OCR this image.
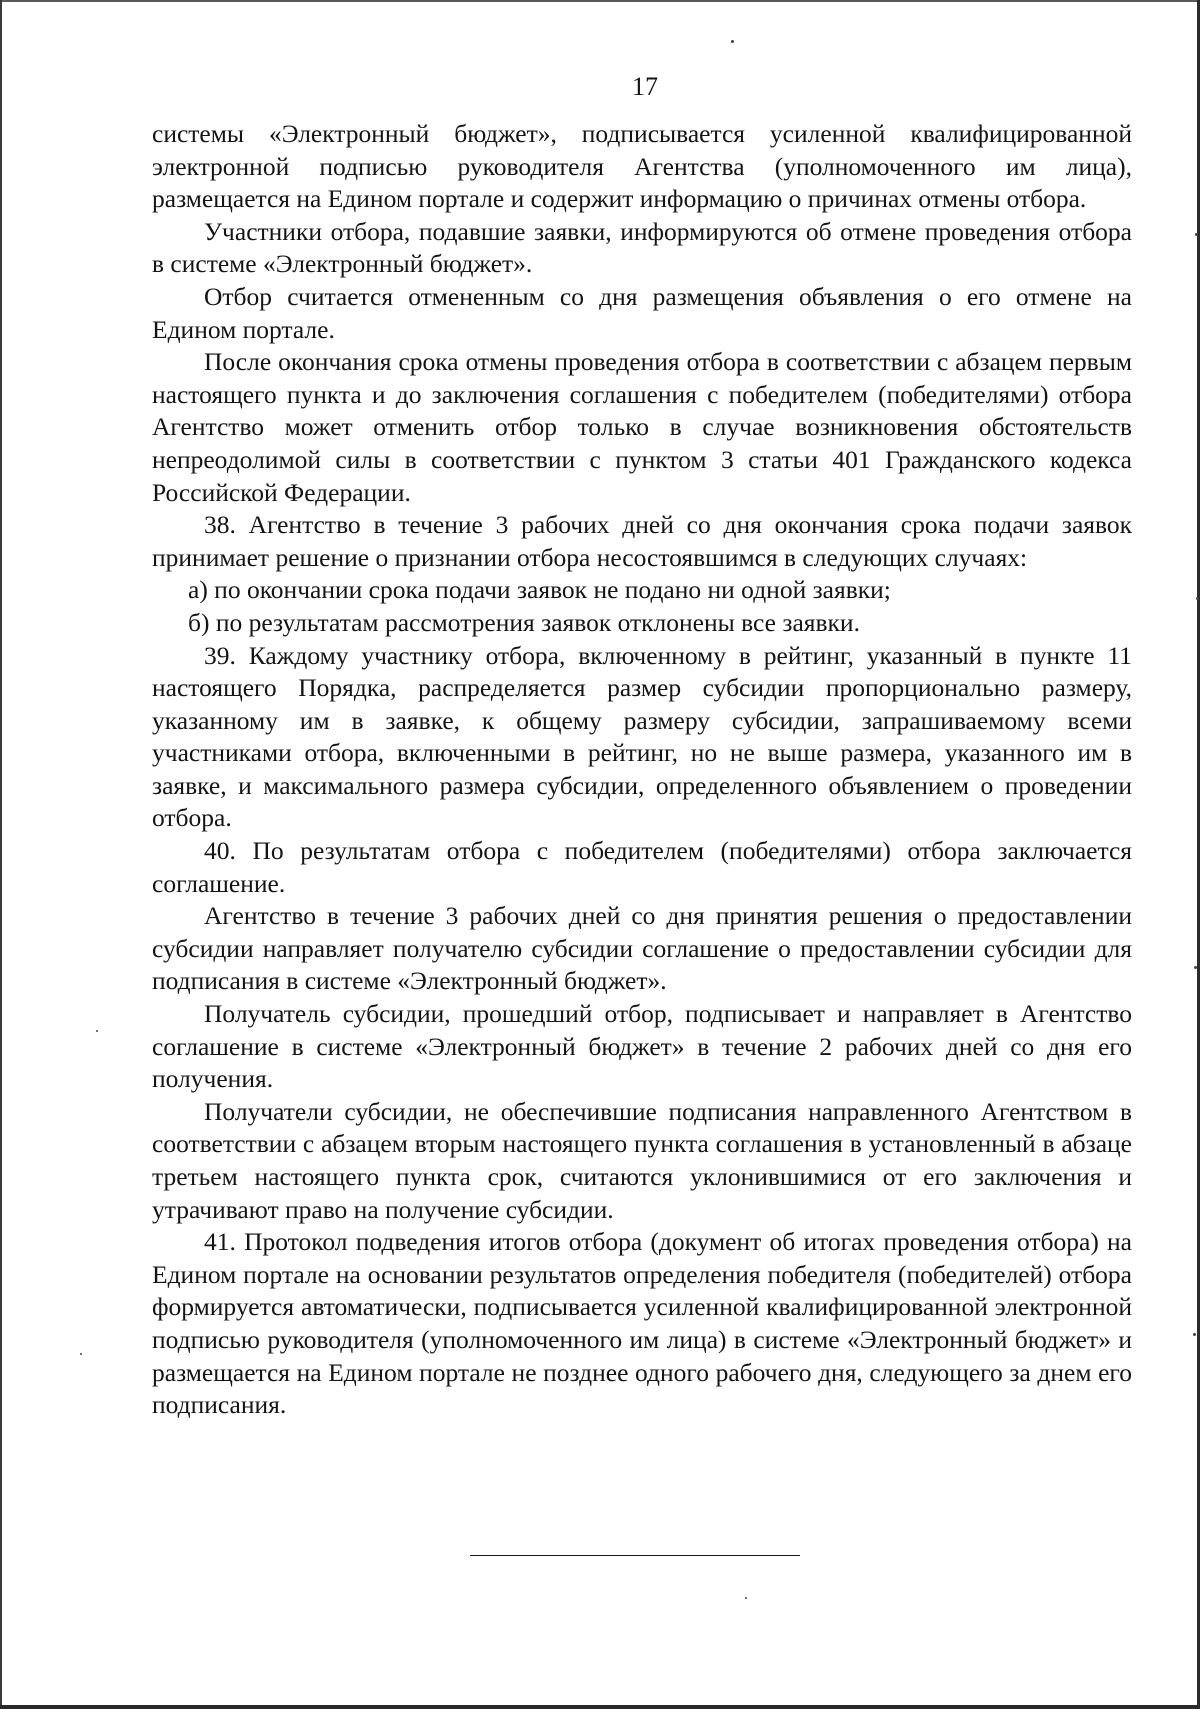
17

системы «Электронный бюджет», подписывается усиленной квалифицированной электронной подписью руководителя Агентства (уполномоченного им лица), размещается на Едином портале и содержит информацию о причинах отмены отбора.

Участники отбора, подавшие заявки, информируются об отмене проведения отбора в системе «Электронный бюджет».

Отбор считается отмененным со дня размещения объявления о его отмене на Едином портале.

После окончания срока отмены проведения отбора в соответствии с абзацем первым настоящего пункта и до заключения соглашения с победителем (победителями) отбора Агентство может отменить отбор только в случае возникновения обстоятельств непреодолимой силы в соответствии с пунктом 3 статьи 401 Гражданского кодекса Российской Федерации.

38. Агентство в течение 3 рабочих дней со дня окончания срока подачи заявок принимает решение о признании отбора несостоявшимся в следующих случаях:

а) по окончании срока подачи заявок не подано ни одной заявки;

б) по результатам рассмотрения заявок отклонены все заявки.

39. Каждому участнику отбора, включенному в рейтинг, указанный в пункте 11 настоящего Порядка, распределяется размер субсидии пропорционально размеру, указанному им в заявке, к общему размеру субсидии, запрашиваемому всеми участниками отбора, включенными в рейтинг, но не выше размера, указанного им в заявке, и максимального размера субсидии, определенного объявлением о проведении отбора.

40. По результатам отбора с победителем (победителями) отбора заключается соглашение.

Агентство в течение 3 рабочих дней со дня принятия решения о предоставлении субсидии направляет получателю субсидии соглашение о предоставлении субсидии для подписания в системе «Электронный бюджет».

Получатель субсидии, прошедший отбор, подписывает и направляет в Агентство соглашение в системе «Электронный бюджет» в течение 2 рабочих дней со дня его получения.

Получатели субсидии, не обеспечившие подписания направленного Агентством в соответствии с абзацем вторым настоящего пункта соглашения в установленный в абзаце третьем настоящего пункта срок, считаются уклонившимися от его заключения и утрачивают право на получение субсидии.

41. Протокол подведения итогов отбора (документ об итогах проведения отбора) на Едином портале на основании результатов определения победителя (победителей) отбора формируется автоматически, подписывается усиленной квалифицированной электронной подписью руководителя (уполномоченного им лица) в системе «Электронный бюджет» и размещается на Едином портале не позднее одного рабочего дня, следующего за днем его подписания.
